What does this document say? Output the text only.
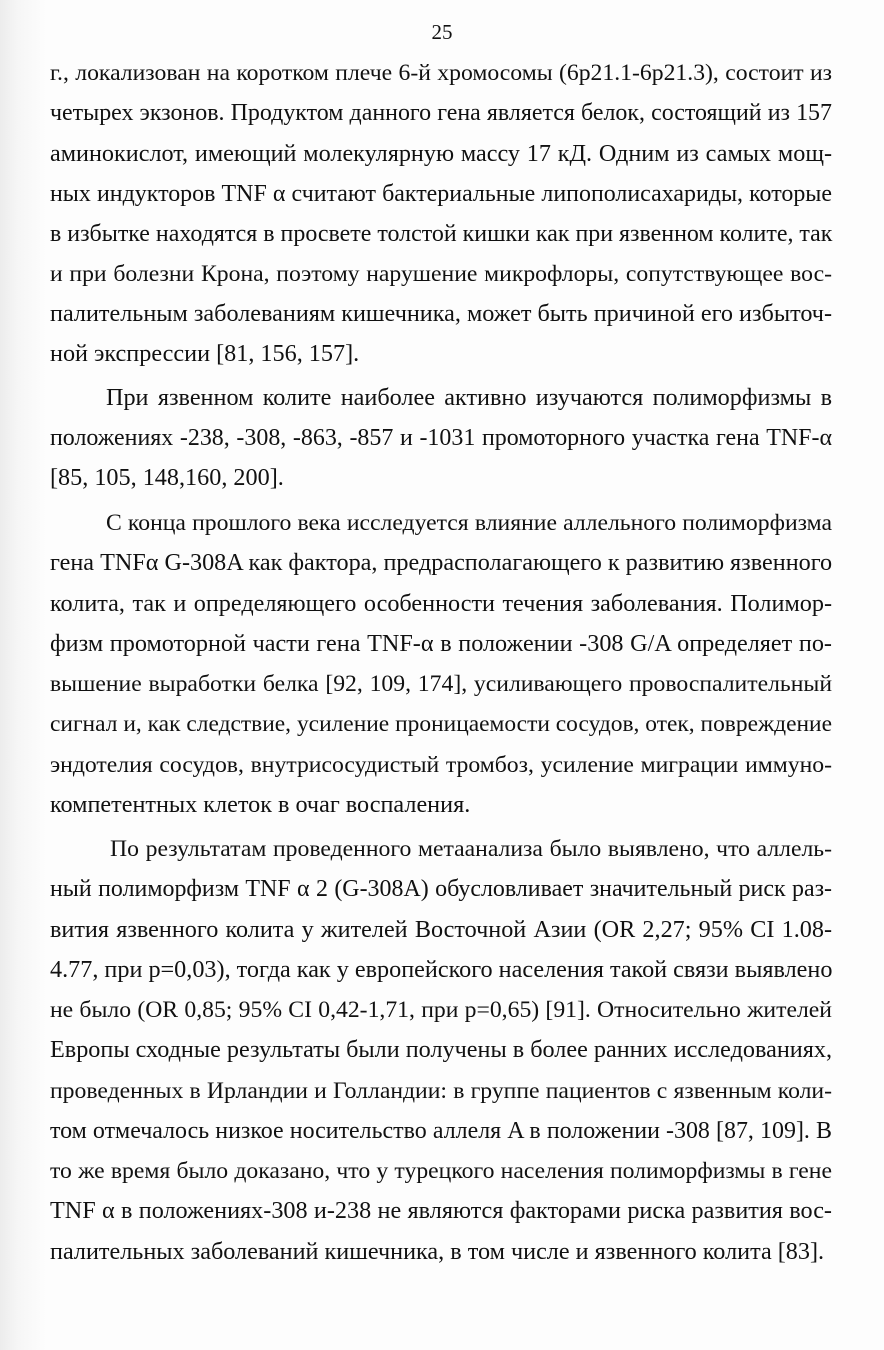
25
г., локализован на коротком плече 6-й хромосомы (6p21.1-6p21.3), состоит из
четырех экзонов. Продуктом данного гена является белок, состоящий из 157
аминокислот, имеющий молекулярную массу 17 кД. Одним из самых мощ-
ных индукторов TNF α считают бактериальные липополисахариды, которые
в избытке находятся в просвете толстой кишки как при язвенном колите, так
и при болезни Крона, поэтому нарушение микрофлоры, сопутствующее вос-
палительным заболеваниям кишечника, может быть причиной его избыточ-
ной экспрессии [81, 156, 157].
При язвенном колите наиболее активно изучаются полиморфизмы в
положениях -238, -308, -863, -857 и -1031 промоторного участка гена TNF-α
[85, 105, 148,160, 200].
С конца прошлого века исследуется влияние аллельного полиморфизма
гена TNFα G-308A как фактора, предрасполагающего к развитию язвенного
колита, так и определяющего особенности течения заболевания. Полимор-
физм промоторной части гена TNF-α в положении -308 G/A определяет по-
вышение выработки белка [92, 109, 174], усиливающего провоспалительный
сигнал и, как следствие, усиление проницаемости сосудов, отек, повреждение
эндотелия сосудов, внутрисосудистый тромбоз, усиление миграции иммуно-
компетентных клеток в очаг воспаления.
По результатам проведенного метаанализа было выявлено, что аллель-
ный полиморфизм TNF α 2 (G-308A) обусловливает значительный риск раз-
вития язвенного колита у жителей Восточной Азии (OR 2,27; 95% CI 1.08-
4.77, при p=0,03), тогда как у европейского населения такой связи выявлено
не было (OR 0,85; 95% CI 0,42-1,71, при p=0,65) [91]. Относительно жителей
Европы сходные результаты были получены в более ранних исследованиях,
проведенных в Ирландии и Голландии: в группе пациентов с язвенным коли-
том отмечалось низкое носительство аллеля A в положении -308 [87, 109]. В
то же время было доказано, что у турецкого населения полиморфизмы в гене
TNF α в положениях-308 и-238 не являются факторами риска развития вос-
палительных заболеваний кишечника, в том числе и язвенного колита [83].
